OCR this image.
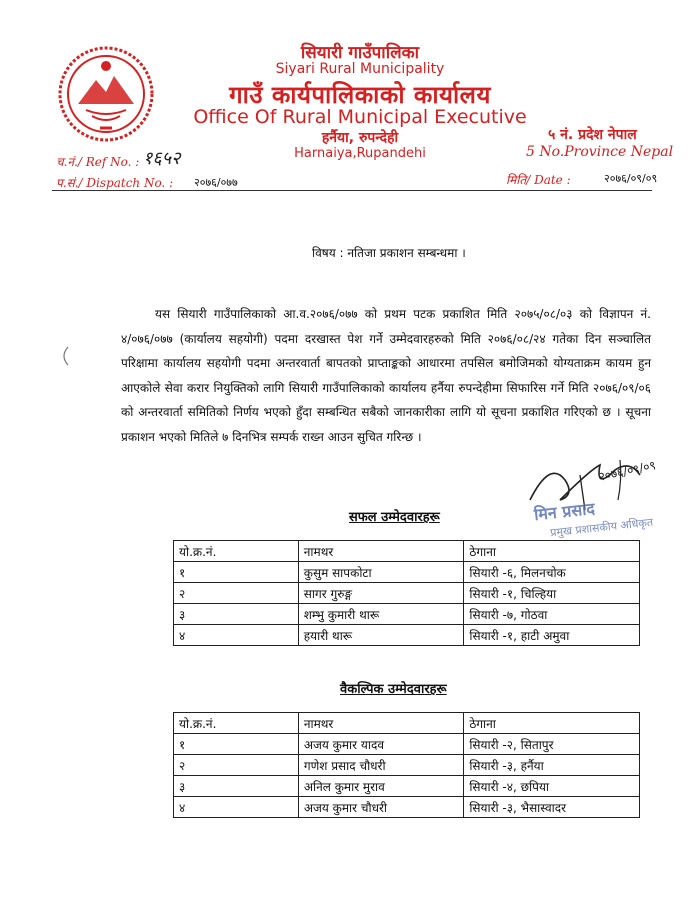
सियारी गाउँपालिका
Siyari Rural Municipality
गाउँ कार्यपालिकाको कार्यालय
Office Of Rural Municipal Executive
हर्नैया, रुपन्देही
Harnaiya,Rupandehi
५ नं. प्रदेश नेपाल
5 No.Province Nepal
च.नं./ Ref No. : १६५२
प.सं./ Dispatch No. : २०७६/०७७	मिति/ Date :	२०७६/०९/०९
विषय : नतिजा प्रकाशन सम्बन्धमा ।
यस सियारी गाउँपालिकाको आ.व.२०७६/०७७ को प्रथम पटक प्रकाशित मिति २०७५/०८/०३ को विज्ञापन नं. ४/०७६/०७७ (कार्यालय सहयोगी) पदमा दरखास्त पेश गर्ने उम्मेदवारहरुको मिति २०७६/०८/२४ गतेका दिन सञ्चालित परिक्षामा कार्यालय सहयोगी पदमा अन्तरवार्ता बापतको प्राप्ताङ्कको आधारमा तपसिल बमोजिमको योग्यताक्रम कायम हुन आएकोले सेवा करार नियुक्तिको लागि सियारी गाउँपालिकाको कार्यालय हर्नैया रुपन्देहीमा सिफारिस गर्ने मिति २०७६/०९/०६ को अन्तरवार्ता समितिको निर्णय भएको हुँदा सम्बन्धित सबैको जानकारीका लागि यो सूचना प्रकाशित गरिएको छ । सूचना प्रकाशन भएको मितिले ७ दिनभित्र सम्पर्क राख्न आउन सुचित गरिन्छ ।
२०७६/०९/०९
मिन प्रसाद
प्रमुख प्रशासकीय अधिकृत
सफल उम्मेदवारहरू
यो.क्र.नं.	नामथर	ठेगाना
१	कुसुम सापकोटा	सियारी -६, मिलनचोक
२	सागर गुरुङ्ग	सियारी -१, चिल्हिया
३	शम्भु कुमारी थारू	सियारी -७, गोठवा
४	हयारी थारू	सियारी -१, हाटी अमुवा
वैकल्पिक उम्मेदवारहरू
यो.क्र.नं.	नामथर	ठेगाना
१	अजय कुमार यादव	सियारी -२, सितापुर
२	गणेश प्रसाद चौधरी	सियारी -३, हर्नैया
३	अनिल कुमार मुराव	सियारी -४, छपिया
४	अजय कुमार चौधरी	सियारी -३, भैसास्वादर
